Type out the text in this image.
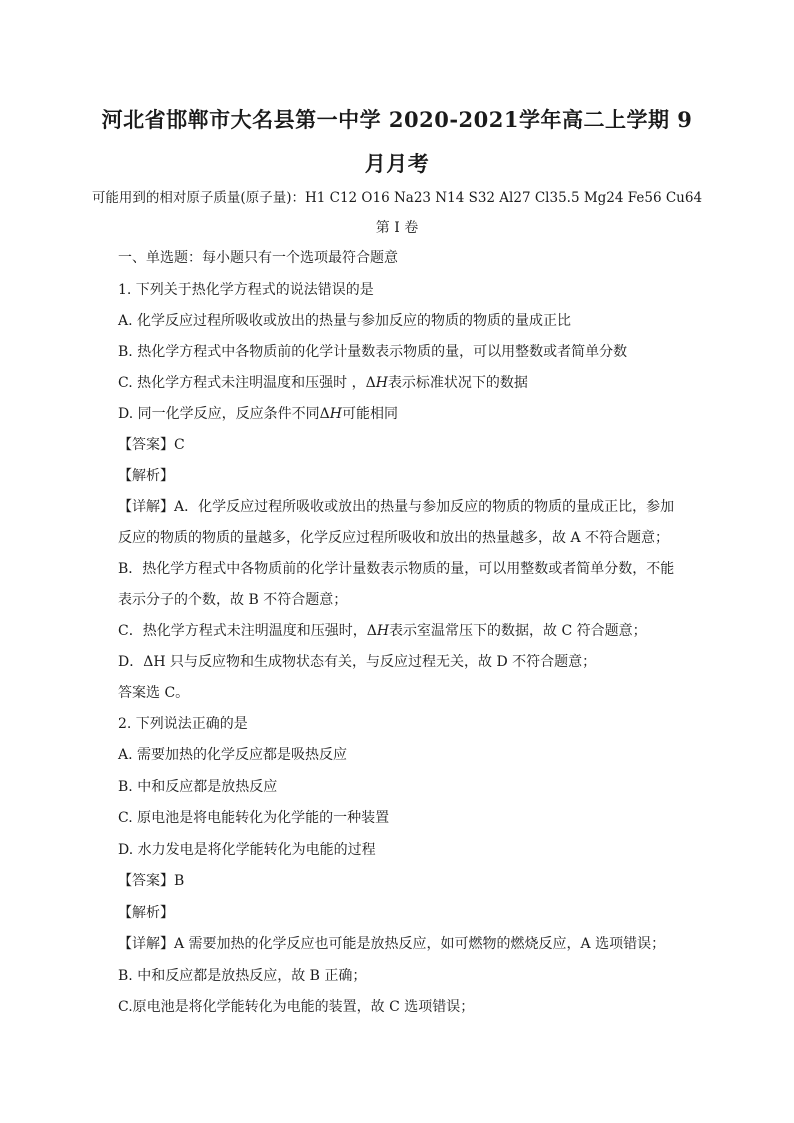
河北省邯郸市大名县第一中学 2020-2021学年高二上学期 9
月月考
可能用到的相对原子质量(原子量)：H1 C12 O16 Na23 N14 S32 Al27 Cl35.5 Mg24 Fe56 Cu64
第 I 卷
一、单选题：每小题只有一个选项最符合题意
1. 下列关于热化学方程式的说法错误的是
A. 化学反应过程所吸收或放出的热量与参加反应的物质的物质的量成正比
B. 热化学方程式中各物质前的化学计量数表示物质的量，可以用整数或者简单分数
C. 热化学方程式未注明温度和压强时 ，ΔH表示标准状况下的数据
D. 同一化学反应，反应条件不同ΔH可能相同
【答案】C
【解析】
【详解】A．化学反应过程所吸收或放出的热量与参加反应的物质的物质的量成正比，参加
反应的物质的物质的量越多，化学反应过程所吸收和放出的热量越多，故 A 不符合题意；
B．热化学方程式中各物质前的化学计量数表示物质的量，可以用整数或者简单分数，不能
表示分子的个数，故 B 不符合题意；
C．热化学方程式未注明温度和压强时，ΔH表示室温常压下的数据，故 C 符合题意；
D．ΔH 只与反应物和生成物状态有关，与反应过程无关，故 D 不符合题意；
答案选 C。
2. 下列说法正确的是
A. 需要加热的化学反应都是吸热反应
B. 中和反应都是放热反应
C. 原电池是将电能转化为化学能的一种装置
D. 水力发电是将化学能转化为电能的过程
【答案】B
【解析】
【详解】A 需要加热的化学反应也可能是放热反应，如可燃物的燃烧反应，A 选项错误；
B. 中和反应都是放热反应，故 B 正确；
C.原电池是将化学能转化为电能的装置，故 C 选项错误；
